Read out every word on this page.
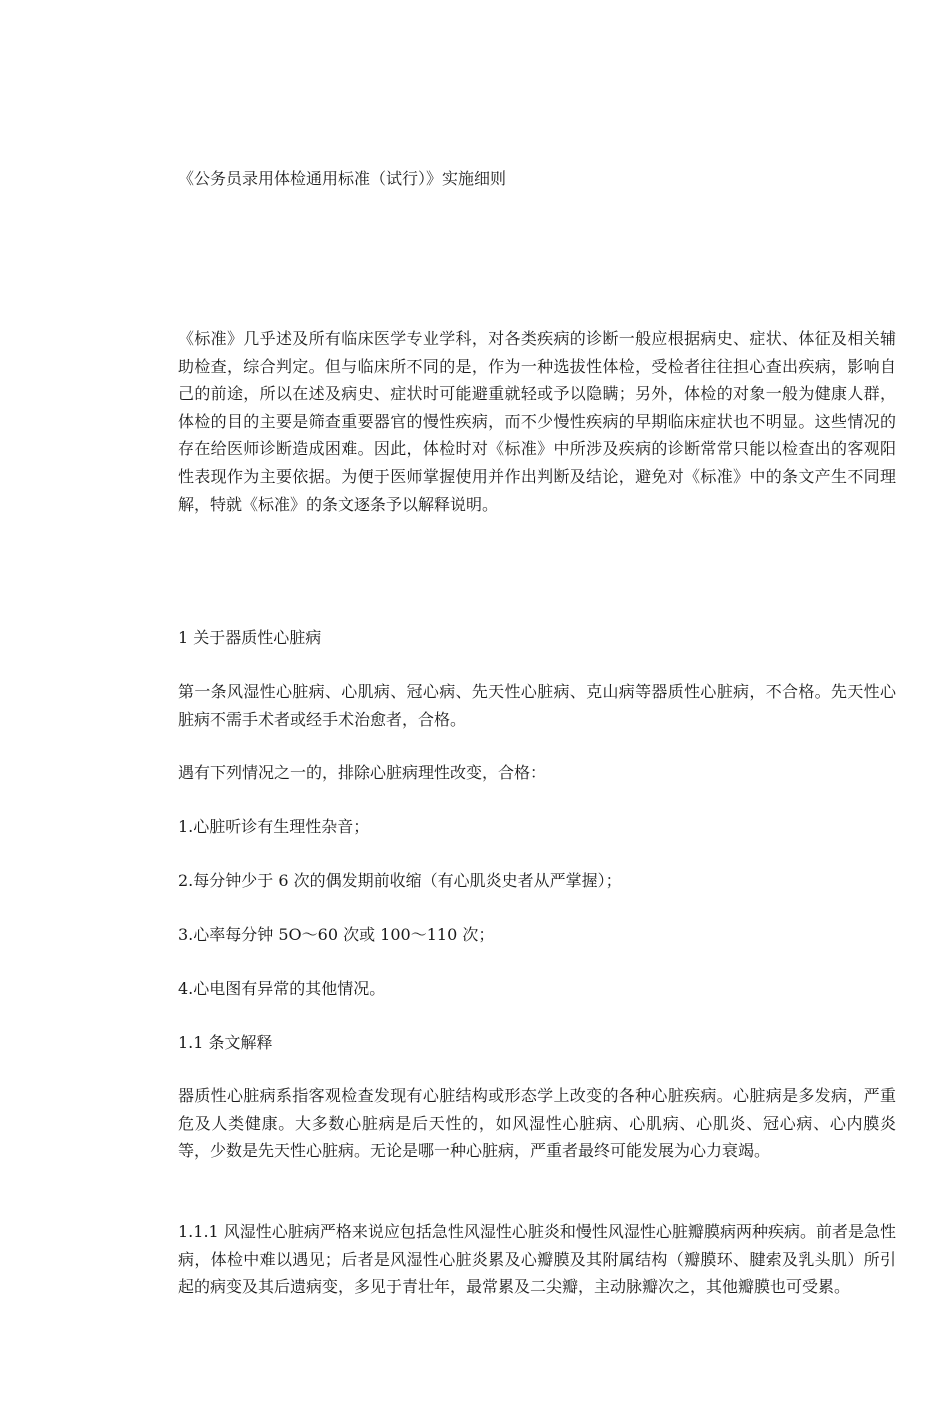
《公务员录用体检通用标准（试行）》实施细则

《标准》几乎述及所有临床医学专业学科，对各类疾病的诊断一般应根据病史、症状、体征及相关辅助检查，综合判定。但与临床所不同的是，作为一种选拔性体检，受检者往往担心查出疾病，影响自己的前途，所以在述及病史、症状时可能避重就轻或予以隐瞒；另外，体检的对象一般为健康人群，体检的目的主要是筛查重要器官的慢性疾病，而不少慢性疾病的早期临床症状也不明显。这些情况的存在给医师诊断造成困难。因此，体检时对《标准》中所涉及疾病的诊断常常只能以检查出的客观阳性表现作为主要依据。为便于医师掌握使用并作出判断及结论，避免对《标准》中的条文产生不同理解，特就《标准》的条文逐条予以解释说明。

1 关于器质性心脏病

第一条风湿性心脏病、心肌病、冠心病、先天性心脏病、克山病等器质性心脏病，不合格。先天性心脏病不需手术者或经手术治愈者，合格。

遇有下列情况之一的，排除心脏病理性改变，合格：

1.心脏听诊有生理性杂音；

2.每分钟少于 6 次的偶发期前收缩（有心肌炎史者从严掌握）；

3.心率每分钟 5O～60 次或 100～110 次；

4.心电图有异常的其他情况。

1.1 条文解释

器质性心脏病系指客观检查发现有心脏结构或形态学上改变的各种心脏疾病。心脏病是多发病，严重危及人类健康。大多数心脏病是后天性的，如风湿性心脏病、心肌病、心肌炎、冠心病、心内膜炎等，少数是先天性心脏病。无论是哪一种心脏病，严重者最终可能发展为心力衰竭。

1.1.1 风湿性心脏病严格来说应包括急性风湿性心脏炎和慢性风湿性心脏瓣膜病两种疾病。前者是急性病，体检中难以遇见；后者是风湿性心脏炎累及心瓣膜及其附属结构（瓣膜环、腱索及乳头肌）所引起的病变及其后遗病变，多见于青壮年，最常累及二尖瓣，主动脉瓣次之，其他瓣膜也可受累。
